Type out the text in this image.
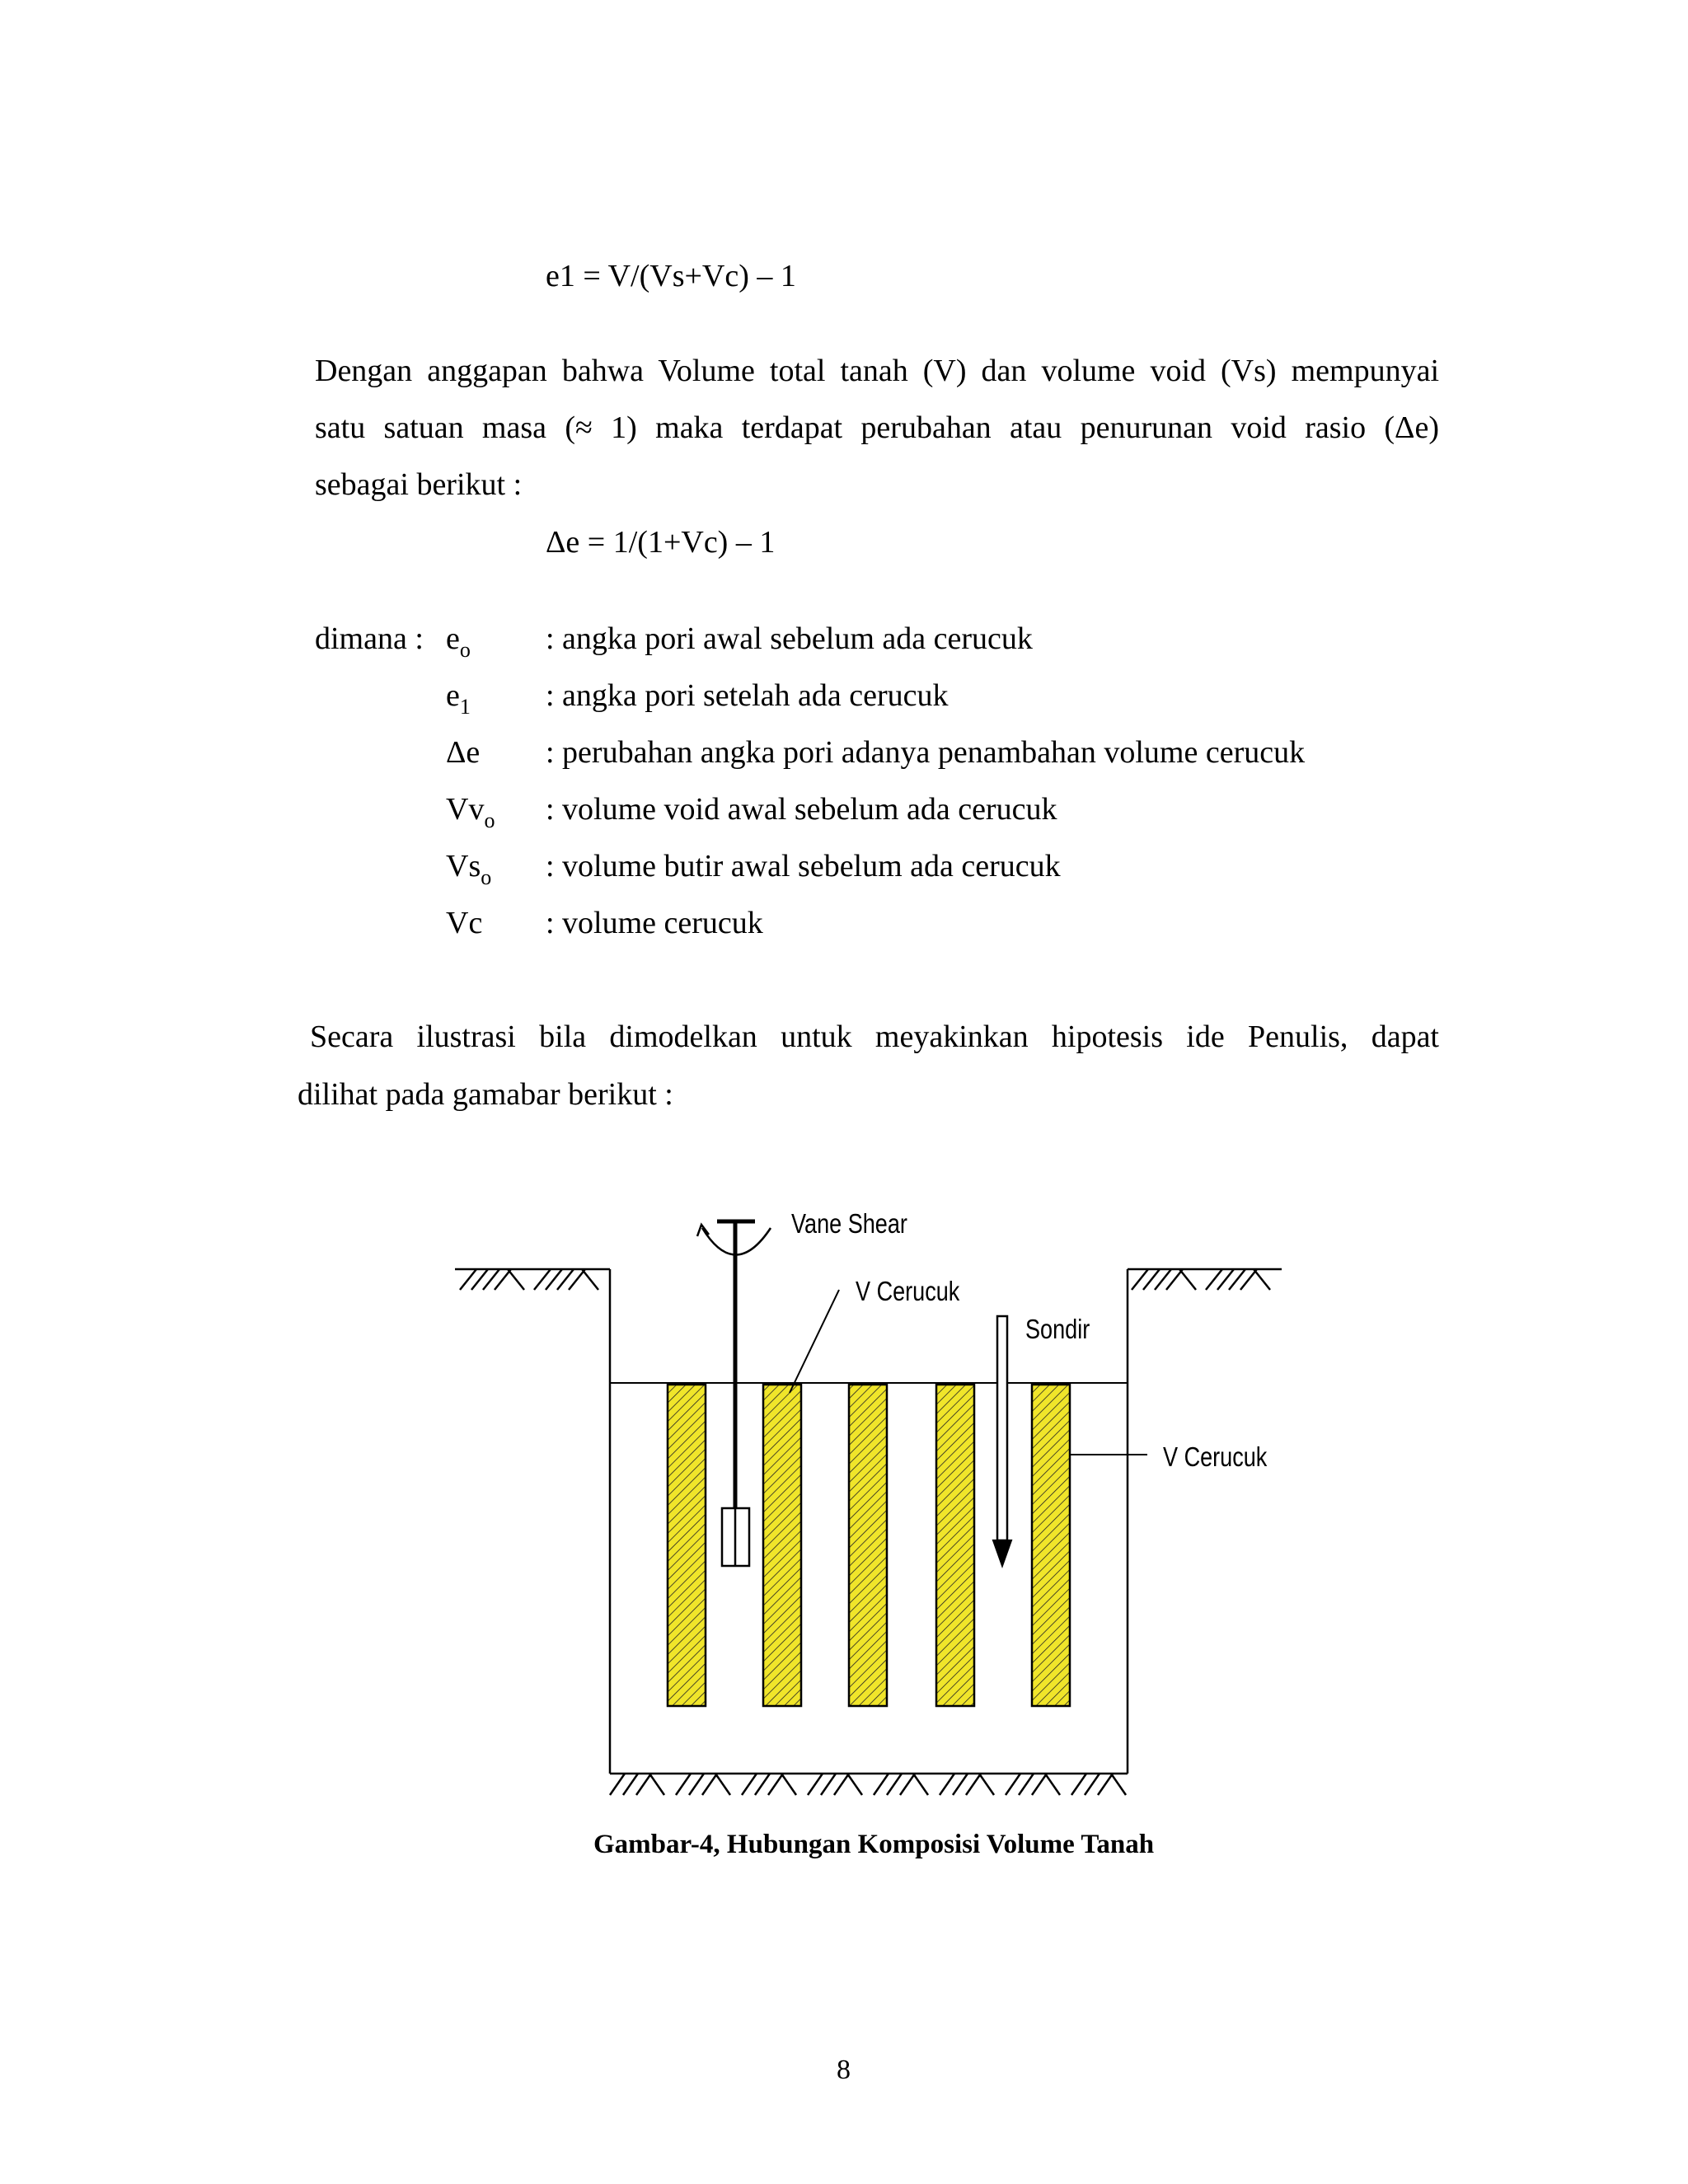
e1 = V/(Vs+Vc) – 1
Dengan anggapan bahwa Volume total tanah (V) dan volume void (Vs) mempunyai
satu satuan masa (≈ 1) maka terdapat perubahan atau penurunan void rasio (Δe)
sebagai berikut :
Δe = 1/(1+Vc) – 1
dimana : $e_o$ : angka pori awal sebelum ada cerucuk
$e_1$ : angka pori setelah ada cerucuk
Δe : perubahan angka pori adanya penambahan volume cerucuk
$Vv_o$ : volume void awal sebelum ada cerucuk
$Vs_o$ : volume butir awal sebelum ada cerucuk
Vc : volume cerucuk
Secara ilustrasi bila dimodelkan untuk meyakinkan hipotesis ide Penulis, dapat
dilihat pada gamabar berikut :
Vane Shear
V Cerucuk
Sondir
V Cerucuk
Gambar-4, Hubungan Komposisi Volume Tanah
8
